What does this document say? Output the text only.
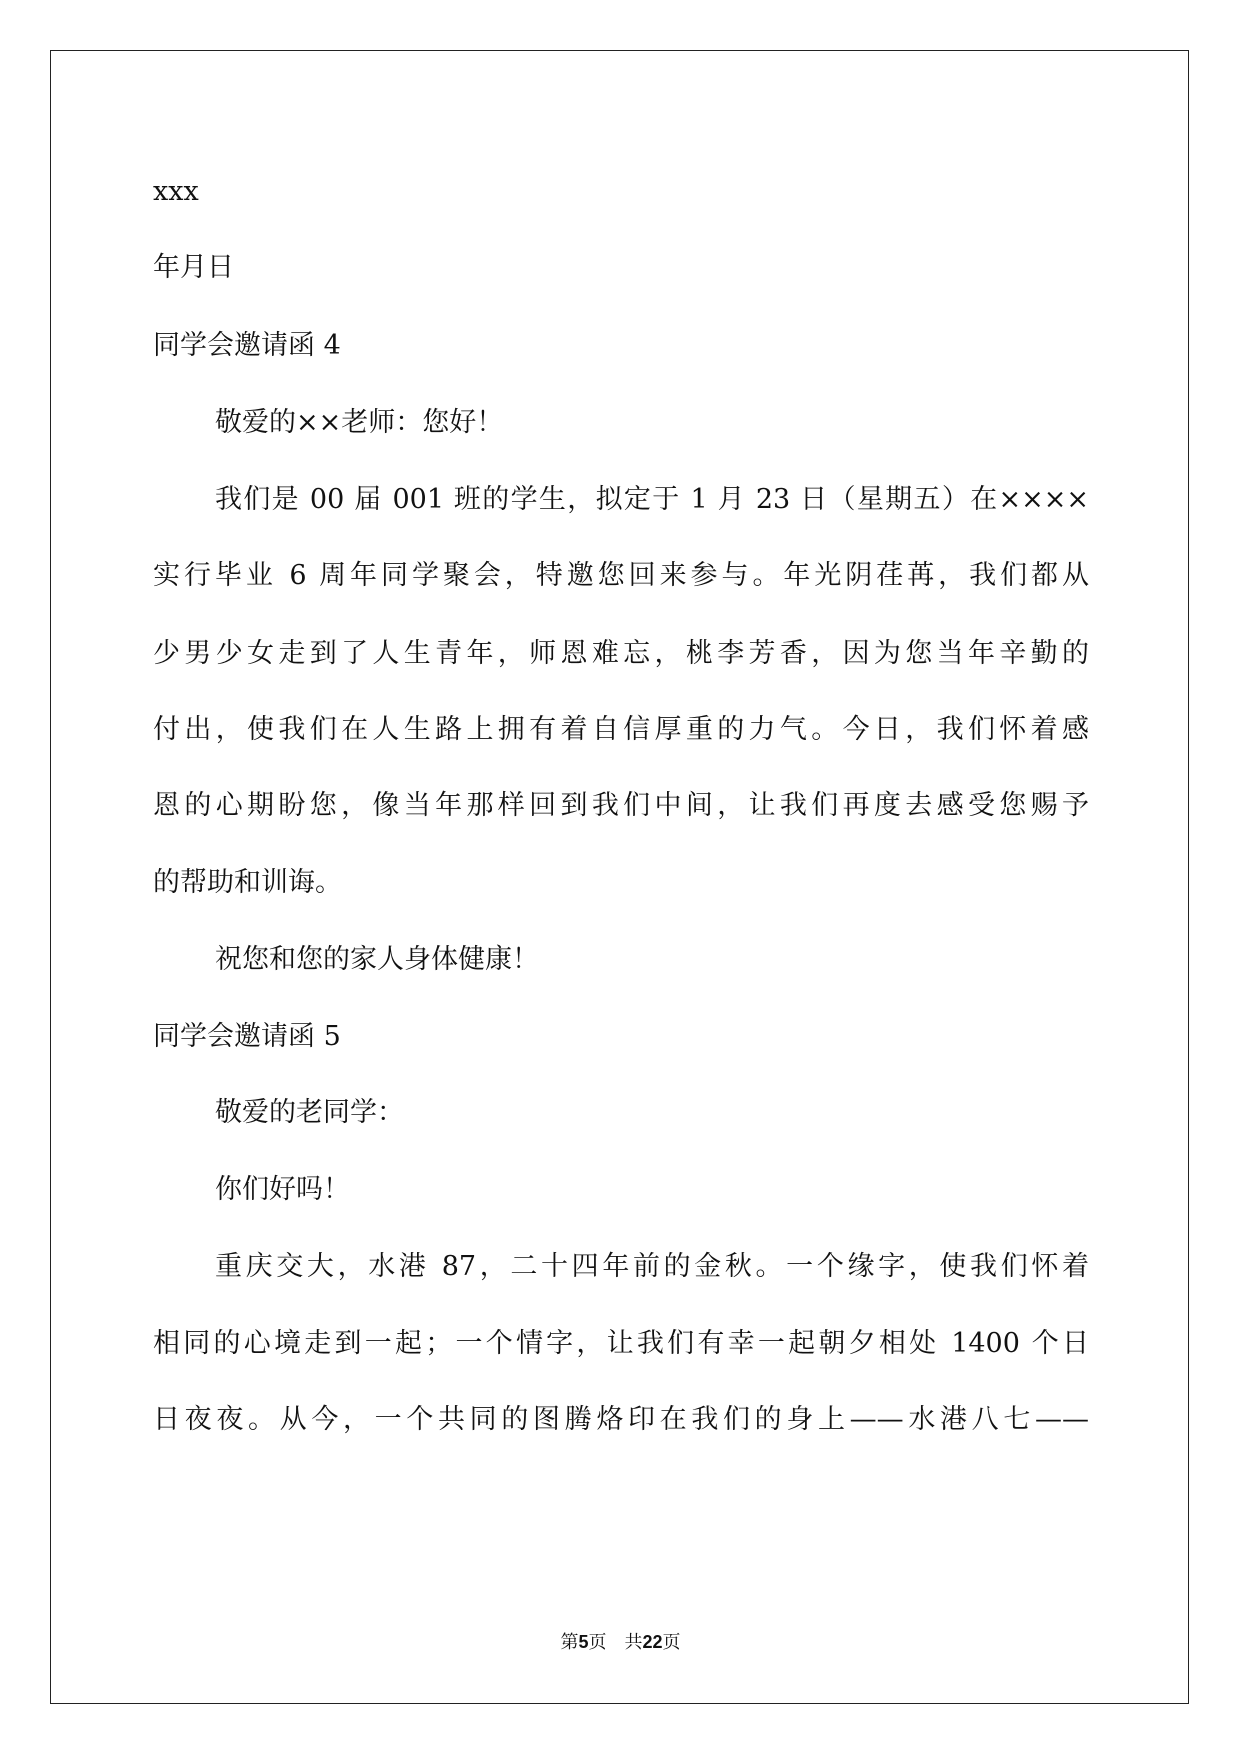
xxx
年月日
同学会邀请函 4
敬爱的××老师：您好！
我们是 00 届 001 班的学生，拟定于 1 月 23 日（星期五）在××××
实行毕业 6 周年同学聚会，特邀您回来参与。年光阴荏苒，我们都从
少男少女走到了人生青年，师恩难忘，桃李芳香，因为您当年辛勤的
付出，使我们在人生路上拥有着自信厚重的力气。今日，我们怀着感
恩的心期盼您，像当年那样回到我们中间，让我们再度去感受您赐予
的帮助和训诲。
祝您和您的家人身体健康！
同学会邀请函 5
敬爱的老同学：
你们好吗！
重庆交大，水港 87，二十四年前的金秋。一个缘字，使我们怀着
相同的心境走到一起；一个情字，让我们有幸一起朝夕相处 1400 个日
日夜夜。从今，一个共同的图腾烙印在我们的身上——水港八七——
第5页 共22页
